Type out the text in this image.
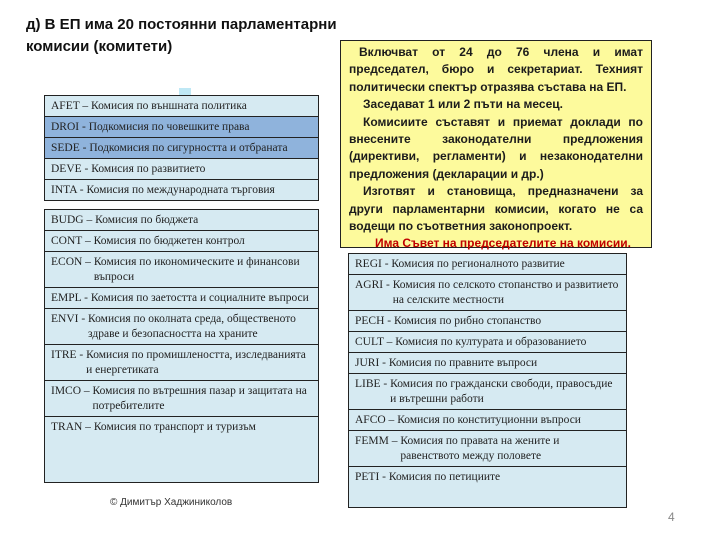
д) В ЕП има 20 постоянни парламентарни комисии (комитети)
AFET – Комисия по външната политика
DROI - Подкомисия по човешките права
SEDE - Подкомисия по сигурността и отбраната
DEVE - Комисия по развитието
INTA - Комисия по международната търговия
BUDG – Комисия по бюджета
CONT – Комисия по бюджетен контрол
ECON – Комисия по икономическите и финансови въпроси
EMPL - Комисия по заетостта и социалните въпроси
ENVI - Комисия по околната среда, общественото здраве и безопасността на храните
ITRE - Комисия по промишлеността, изследванията и енергетиката
IMCO – Комисия по вътрешния пазар и защитата на потребителите
TRAN – Комисия по транспорт и туризъм

Включват от 24 до 76 члена и имат председател, бюро и секретариат. Техният политически спектър отразява състава на ЕП.

Заседават 1 или 2 пъти на месец.

Комисиите съставят и приемат доклади по внесените законодателни предложения (директиви, регламенти) и незаконодателни предложения (декларации и др.)

Изготвят и становища, предназначени за други парламентарни комисии, когато не са водещи по съответния законопроект.

Има Съвет на председателите на комисии.

REGI - Комисия по регионалното развитие
AGRI - Комисия по селското стопанство и развитието на селските местности
PECH - Комисия по рибно стопанство
CULT – Комисия по културата и образованието
JURI - Комисия по правните въпроси
LIBE - Комисия по граждански свободи, правосъдие и вътрешни работи
AFCO – Комисия по конституционни въпроси
FEMM – Комисия по правата на жените и равенството между половете
PETI - Комисия по петициите
© Димитър Хаджиниколов
4
